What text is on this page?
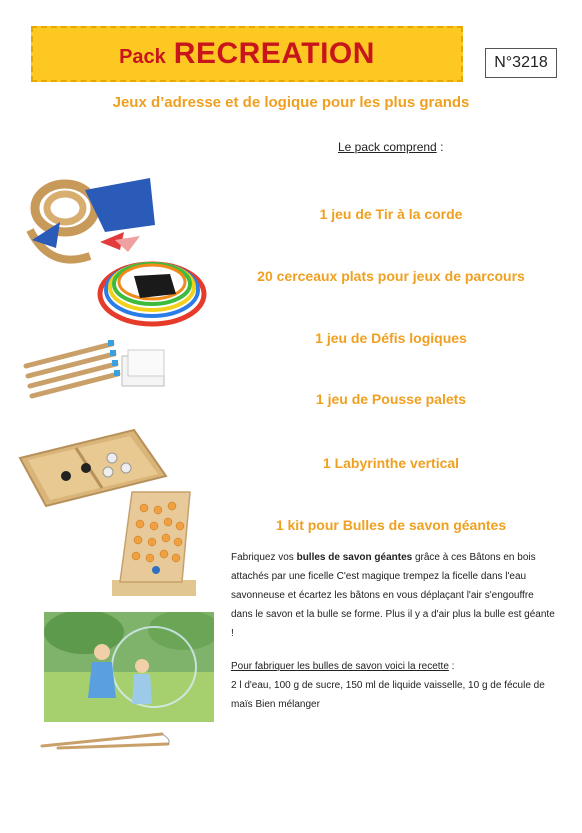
Pack RECREATION	N°3218
Jeux d’adresse et de logique pour les plus grands
Le pack comprend :
1 jeu de Tir à la corde
20 cerceaux plats pour jeux de parcours
1 jeu de Défis logiques
1 jeu de Pousse palets
1 Labyrinthe vertical
1 kit pour Bulles de savon géantes
Fabriquez vos bulles de savon géantes grâce à ces Bâtons en bois attachés par une ficelle C'est magique trempez la ficelle dans l'eau savonneuse et écartez les bâtons en vous déplaçant l'air s'engouffre dans le savon et la bulle se forme. Plus il y a d'air plus la bulle est géante !
Pour fabriquer les bulles de savon voici la recette :
2 l d'eau, 100 g de sucre, 150 ml de liquide vaisselle, 10 g de fécule de maïs Bien mélanger
